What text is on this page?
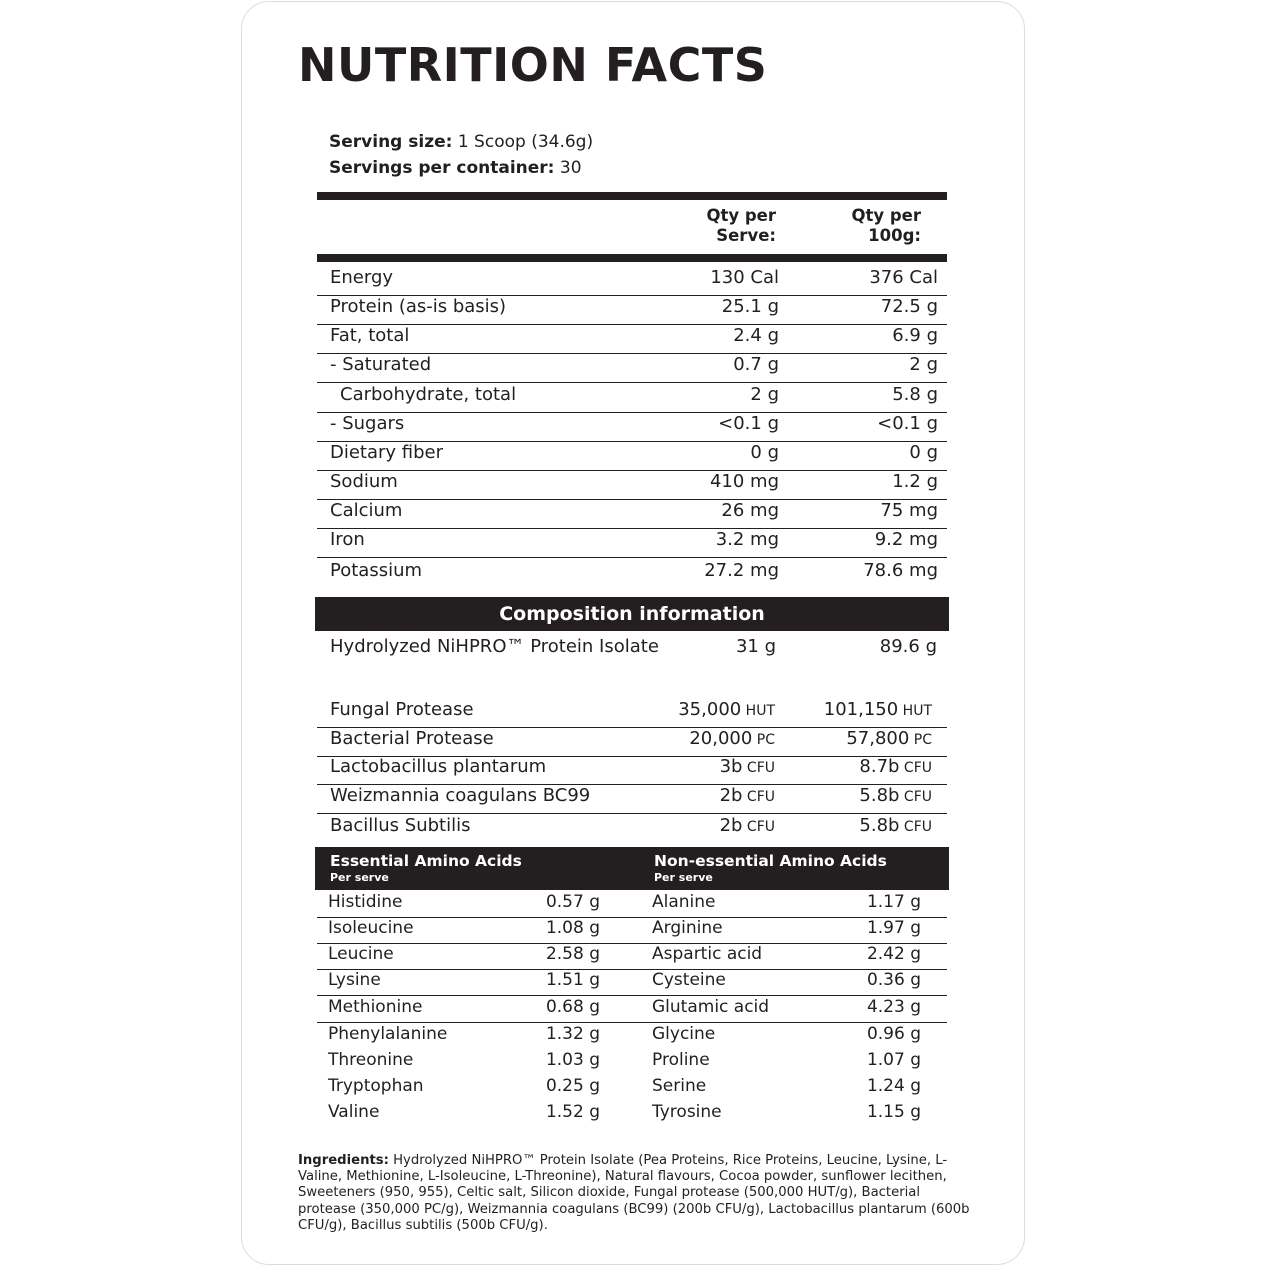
NUTRITION FACTS
Serving size: 1 Scoop (34.6g)
Servings per container: 30
Qty per
Serve:
Qty per
100g:
Energy	130 Cal	376 Cal
Protein (as-is basis)	25.1 g	72.5 g
Fat, total	2.4 g	6.9 g
- Saturated	0.7 g	2 g
Carbohydrate, total	2 g	5.8 g
- Sugars	<0.1 g	<0.1 g
Dietary fiber	0 g	0 g
Sodium	410 mg	1.2 g
Calcium	26 mg	75 mg
Iron	3.2 mg	9.2 mg
Potassium	27.2 mg	78.6 mg
Composition information
Hydrolyzed NiHPRO™ Protein Isolate	31 g	89.6 g
Fungal Protease	35,000 HUT	101,150 HUT
Bacterial Protease	20,000 PC	57,800 PC
Lactobacillus plantarum	3b CFU	8.7b CFU
Weizmannia coagulans BC99	2b CFU	5.8b CFU
Bacillus Subtilis	2b CFU	5.8b CFU
Essential Amino Acids
Per serve
Non-essential Amino Acids
Per serve
Histidine	0.57 g	Alanine	1.17 g
Isoleucine	1.08 g	Arginine	1.97 g
Leucine	2.58 g	Aspartic acid	2.42 g
Lysine	1.51 g	Cysteine	0.36 g
Methionine	0.68 g	Glutamic acid	4.23 g
Phenylalanine	1.32 g	Glycine	0.96 g
Threonine	1.03 g	Proline	1.07 g
Tryptophan	0.25 g	Serine	1.24 g
Valine	1.52 g	Tyrosine	1.15 g
Ingredients: Hydrolyzed NiHPRO™ Protein Isolate (Pea Proteins, Rice Proteins, Leucine, Lysine, L-Valine, Methionine, L-Isoleucine, L-Threonine), Natural flavours, Cocoa powder, sunflower lecithen, Sweeteners (950, 955), Celtic salt, Silicon dioxide, Fungal protease (500,000 HUT/g), Bacterial protease (350,000 PC/g), Weizmannia coagulans (BC99) (200b CFU/g), Lactobacillus plantarum (600b CFU/g), Bacillus subtilis (500b CFU/g).
